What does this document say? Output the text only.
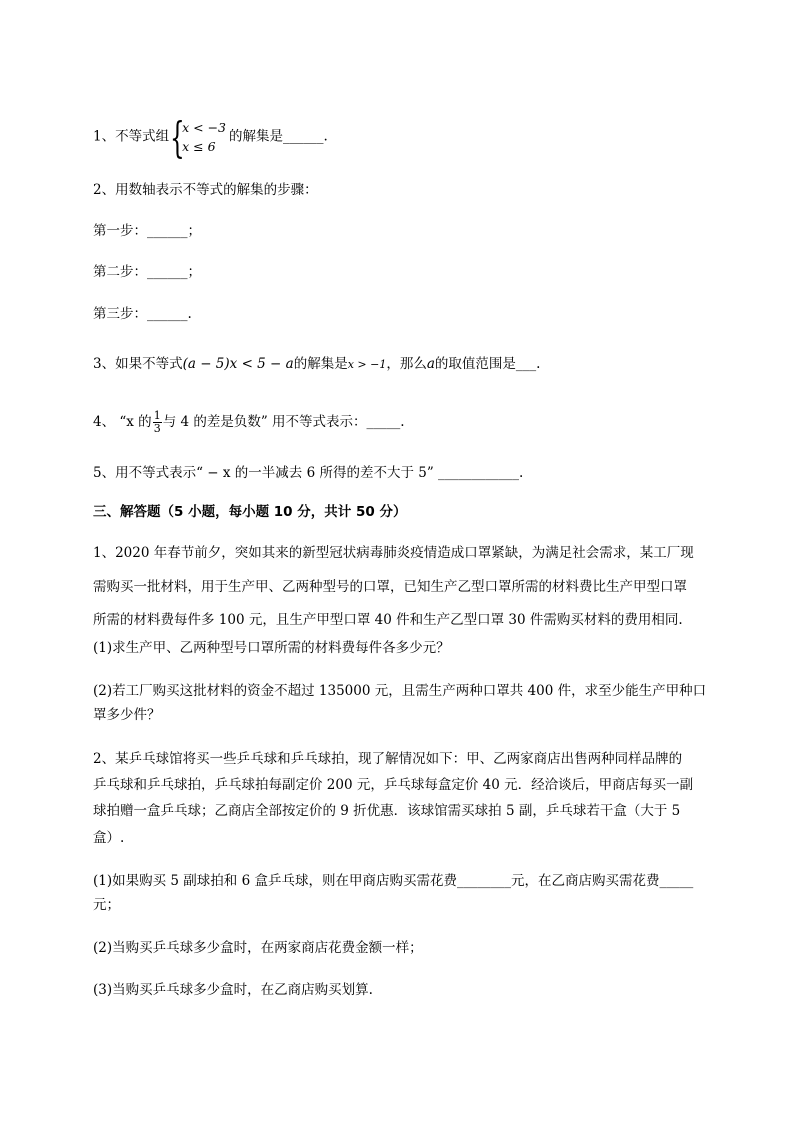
1、不等式组 {
x < −3
x ≤ 6
的解集是______.
2、用数轴表示不等式的解集的步骤：
第一步：______；
第二步：______；
第三步：______.
3、如果不等式(a − 5)x < 5 − a的解集是x > −1，那么a的取值范围是___.
4、 “x 的 $\frac{1}{3}$ 与 4 的差是负数” 用不等式表示：_____.
5、用不等式表示“ − x 的一半减去 6 所得的差不大于 5” ____________.
三、解答题（5 小题，每小题 10 分，共计 50 分）
1、2020 年春节前夕，突如其来的新型冠状病毒肺炎疫情造成口罩紧缺，为满足社会需求，某工厂现
需购买一批材料，用于生产甲、乙两种型号的口罩，已知生产乙型口罩所需的材料费比生产甲型口罩
所需的材料费每件多 100 元，且生产甲型口罩 40 件和生产乙型口罩 30 件需购买材料的费用相同.
(1)求生产甲、乙两种型号口罩所需的材料费每件各多少元？
(2)若工厂购买这批材料的资金不超过 135000 元，且需生产两种口罩共 400 件，求至少能生产甲种口
罩多少件？
2、某乒乓球馆将买一些乒乓球和乒乓球拍，现了解情况如下：甲、乙两家商店出售两种同样品牌的
乒乓球和乒乓球拍，乒乓球拍每副定价 200 元，乒乓球每盒定价 40 元．经洽谈后，甲商店每买一副
球拍赠一盒乒乓球；乙商店全部按定价的 9 折优惠．该球馆需买球拍 5 副，乒乓球若干盒（大于 5
盒）.
(1)如果购买 5 副球拍和 6 盒乒乓球，则在甲商店购买需花费________元，在乙商店购买需花费_____
元；
(2)当购买乒乓球多少盒时，在两家商店花费金额一样；
(3)当购买乒乓球多少盒时，在乙商店购买划算.
